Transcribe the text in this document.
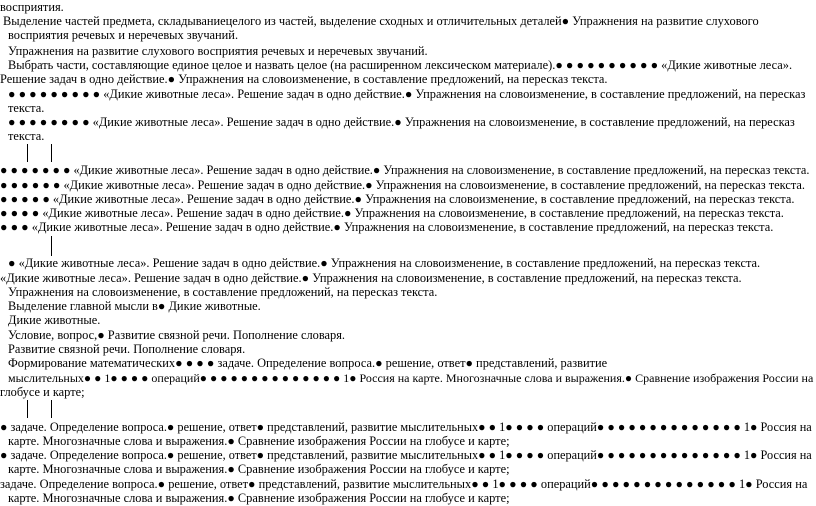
восприятия.
Выделение частей предмета, складываниецелого из частей, выделение сходных и отличительных деталей● Упражнения на развитие слухового
восприятия речевых и неречевых звучаний.
Упражнения на развитие слухового восприятия речевых и неречевых звучаний.
Выбрать части, составляющие единое целое и назвать целое (на расширенном лексическом материале).● ● ● ● ● ● ● ● ● ● «Дикие животные леса».
Решение задач в одно действие.● Упражнения на словоизменение, в составление предложений, на пересказ текста.
● ● ● ● ● ● ● ● ● «Дикие животные леса». Решение задач в одно действие.● Упражнения на словоизменение, в составление предложений, на пересказ
текста.
● ● ● ● ● ● ● ● «Дикие животные леса». Решение задач в одно действие.● Упражнения на словоизменение, в составление предложений, на пересказ
текста.
● ● ● ● ● ● ● «Дикие животные леса». Решение задач в одно действие.● Упражнения на словоизменение, в составление предложений, на пересказ текста.
● ● ● ● ● ● «Дикие животные леса». Решение задач в одно действие.● Упражнения на словоизменение, в составление предложений, на пересказ текста.
● ● ● ● ● «Дикие животные леса». Решение задач в одно действие.● Упражнения на словоизменение, в составление предложений, на пересказ текста.
● ● ● ● «Дикие животные леса». Решение задач в одно действие.● Упражнения на словоизменение, в составление предложений, на пересказ текста.
● ● ● «Дикие животные леса». Решение задач в одно действие.● Упражнения на словоизменение, в составление предложений, на пересказ текста.
● «Дикие животные леса». Решение задач в одно действие.● Упражнения на словоизменение, в составление предложений, на пересказ текста.
«Дикие животные леса». Решение задач в одно действие.● Упражнения на словоизменение, в составление предложений, на пересказ текста.
Упражнения на словоизменение, в составление предложений, на пересказ текста.
Выделение главной мысли в● Дикие животные.
Дикие животные.
Условие, вопрос,● Развитие связной речи. Пополнение словаря.
Развитие связной речи. Пополнение словаря.
Формирование математических● ● ● ● задаче. Определение вопроса.● решение, ответ● представлений, развитие
мыслительных● ● 1● ● ● ● операций● ● ● ● ● ● ● ● ● ● ● ● ● ● 1● Россия на карте. Многозначные слова и выражения.● Сравнение изображения России на
глобусе и карте;
● задаче. Определение вопроса.● решение, ответ● представлений, развитие мыслительных● ● 1● ● ● ● операций● ● ● ● ● ● ● ● ● ● ● ● ● ● 1● Россия на
карте. Многозначные слова и выражения.● Сравнение изображения России на глобусе и карте;
● задаче. Определение вопроса.● решение, ответ● представлений, развитие мыслительных● ● 1● ● ● ● операций● ● ● ● ● ● ● ● ● ● ● ● ● ● 1● Россия на
карте. Многозначные слова и выражения.● Сравнение изображения России на глобусе и карте;
задаче. Определение вопроса.● решение, ответ● представлений, развитие мыслительных● ● 1● ● ● ● операций● ● ● ● ● ● ● ● ● ● ● ● ● ● 1● Россия на
карте. Многозначные слова и выражения.● Сравнение изображения России на глобусе и карте;
